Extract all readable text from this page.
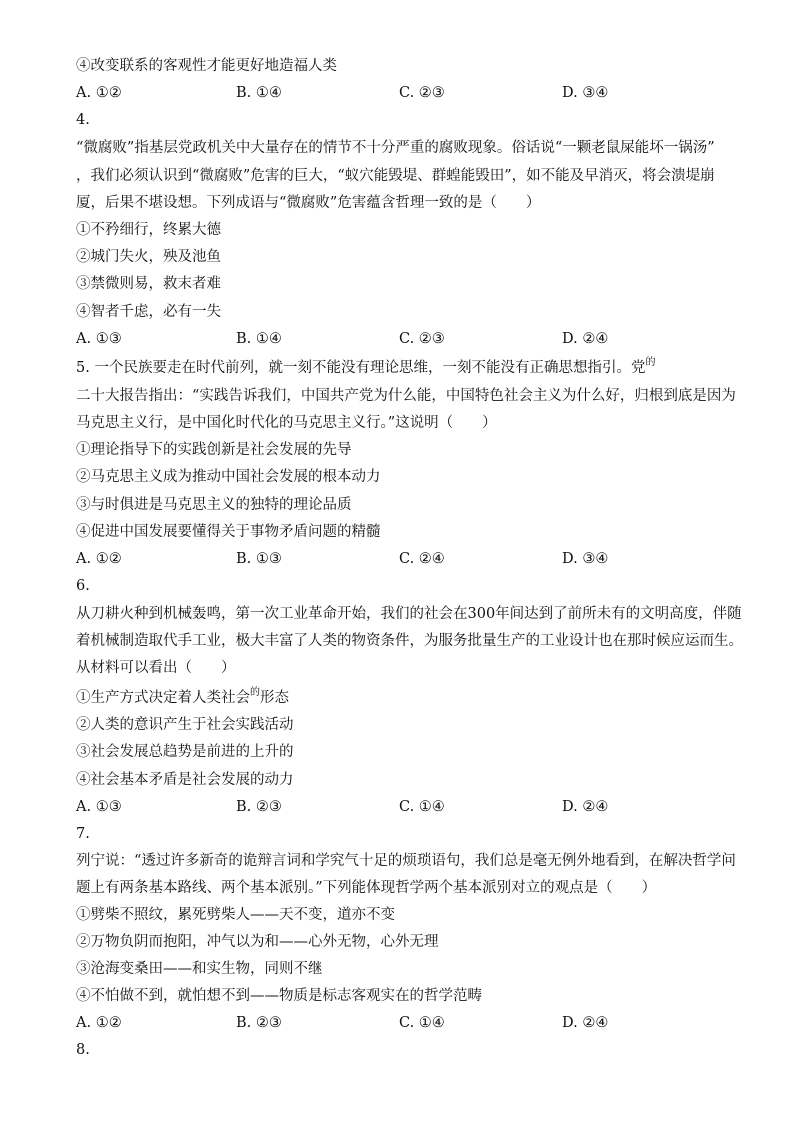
④改变联系的客观性才能更好地造福人类
A. ①②	B. ①④	C. ②③	D. ③④
4.
“微腐败”指基层党政机关中大量存在的情节不十分严重的腐败现象。俗话说“一颗老鼠屎能坏一锅汤”
，我们必须认识到“微腐败”危害的巨大，“蚁穴能毁堤、群蝗能毁田”，如不能及早消灭，将会溃堤崩
厦，后果不堪设想。下列成语与“微腐败”危害蕴含哲理一致的是（　　）
①不矜细行，终累大德
②城门失火，殃及池鱼
③禁微则易，救末者难
④智者千虑，必有一失
A. ①③	B. ①④	C. ②③	D. ②④
5. 一个民族要走在时代前列，就一刻不能没有理论思维，一刻不能没有正确思想指引。党$^的$
二十大报告指出：“实践告诉我们，中国共产党为什么能，中国特色社会主义为什么好，归根到底是因为
马克思主义行，是中国化时代化的马克思主义行。”这说明（　　）
①理论指导下的实践创新是社会发展的先导
②马克思主义成为推动中国社会发展的根本动力
③与时俱进是马克思主义的独特的理论品质
④促进中国发展要懂得关于事物矛盾问题的精髓
A. ①②	B. ①③	C. ②④	D. ③④
6.
从刀耕火种到机械轰鸣，第一次工业革命开始，我们的社会在300年间达到了前所未有的文明高度，伴随
着机械制造取代手工业，极大丰富了人类的物资条件，为服务批量生产的工业设计也在那时候应运而生。
从材料可以看出（　　）
①生产方式决定着人类社会$^的$形态
②人类的意识产生于社会实践活动
③社会发展总趋势是前进的上升的
④社会基本矛盾是社会发展的动力
A. ①③	B. ②③	C. ①④	D. ②④
7.
列宁说：“透过许多新奇的诡辩言词和学究气十足的烦琐语句，我们总是毫无例外地看到，在解决哲学问
题上有两条基本路线、两个基本派别。”下列能体现哲学两个基本派别对立的观点是（　　）
①劈柴不照纹，累死劈柴人——天不变，道亦不变
②万物负阴而抱阳，冲气以为和——心外无物，心外无理
③沧海变桑田——和实生物，同则不继
④不怕做不到，就怕想不到——物质是标志客观实在的哲学范畴
A. ①②	B. ②③	C. ①④	D. ②④
8.
